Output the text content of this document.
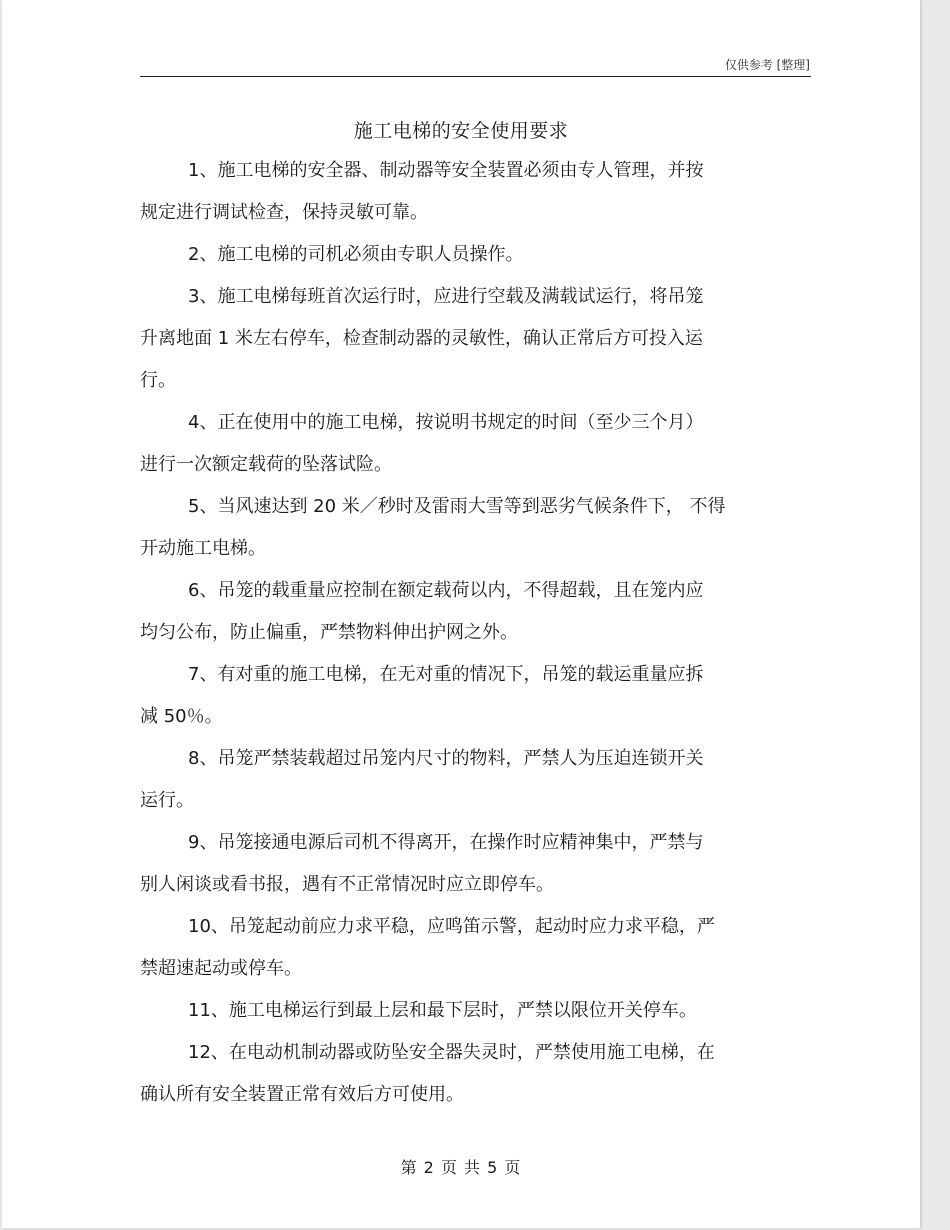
仅供参考 [整理]
施工电梯的安全使用要求
1、施工电梯的安全器、制动器等安全装置必须由专人管理，并按
规定进行调试检查，保持灵敏可靠。
2、施工电梯的司机必须由专职人员操作。
3、施工电梯每班首次运行时，应进行空载及满载试运行，将吊笼
升离地面 1 米左右停车，检查制动器的灵敏性，确认正常后方可投入运
行。
4、正在使用中的施工电梯，按说明书规定的时间（至少三个月）
进行一次额定载荷的坠落试险。
5、当风速达到 20 米／秒时及雷雨大雪等到恶劣气候条件下， 不得
开动施工电梯。
6、吊笼的载重量应控制在额定载荷以内，不得超载，且在笼内应
均匀公布，防止偏重，严禁物料伸出护网之外。
7、有对重的施工电梯，在无对重的情况下，吊笼的载运重量应拆
减 50％。
8、吊笼严禁装载超过吊笼内尺寸的物料，严禁人为压迫连锁开关
运行。
9、吊笼接通电源后司机不得离开，在操作时应精神集中，严禁与
别人闲谈或看书报，遇有不正常情况时应立即停车。
10、吊笼起动前应力求平稳，应鸣笛示警，起动时应力求平稳，严
禁超速起动或停车。
11、施工电梯运行到最上层和最下层时，严禁以限位开关停车。
12、在电动机制动器或防坠安全器失灵时，严禁使用施工电梯，在
确认所有安全装置正常有效后方可使用。
第 2 页 共 5 页
